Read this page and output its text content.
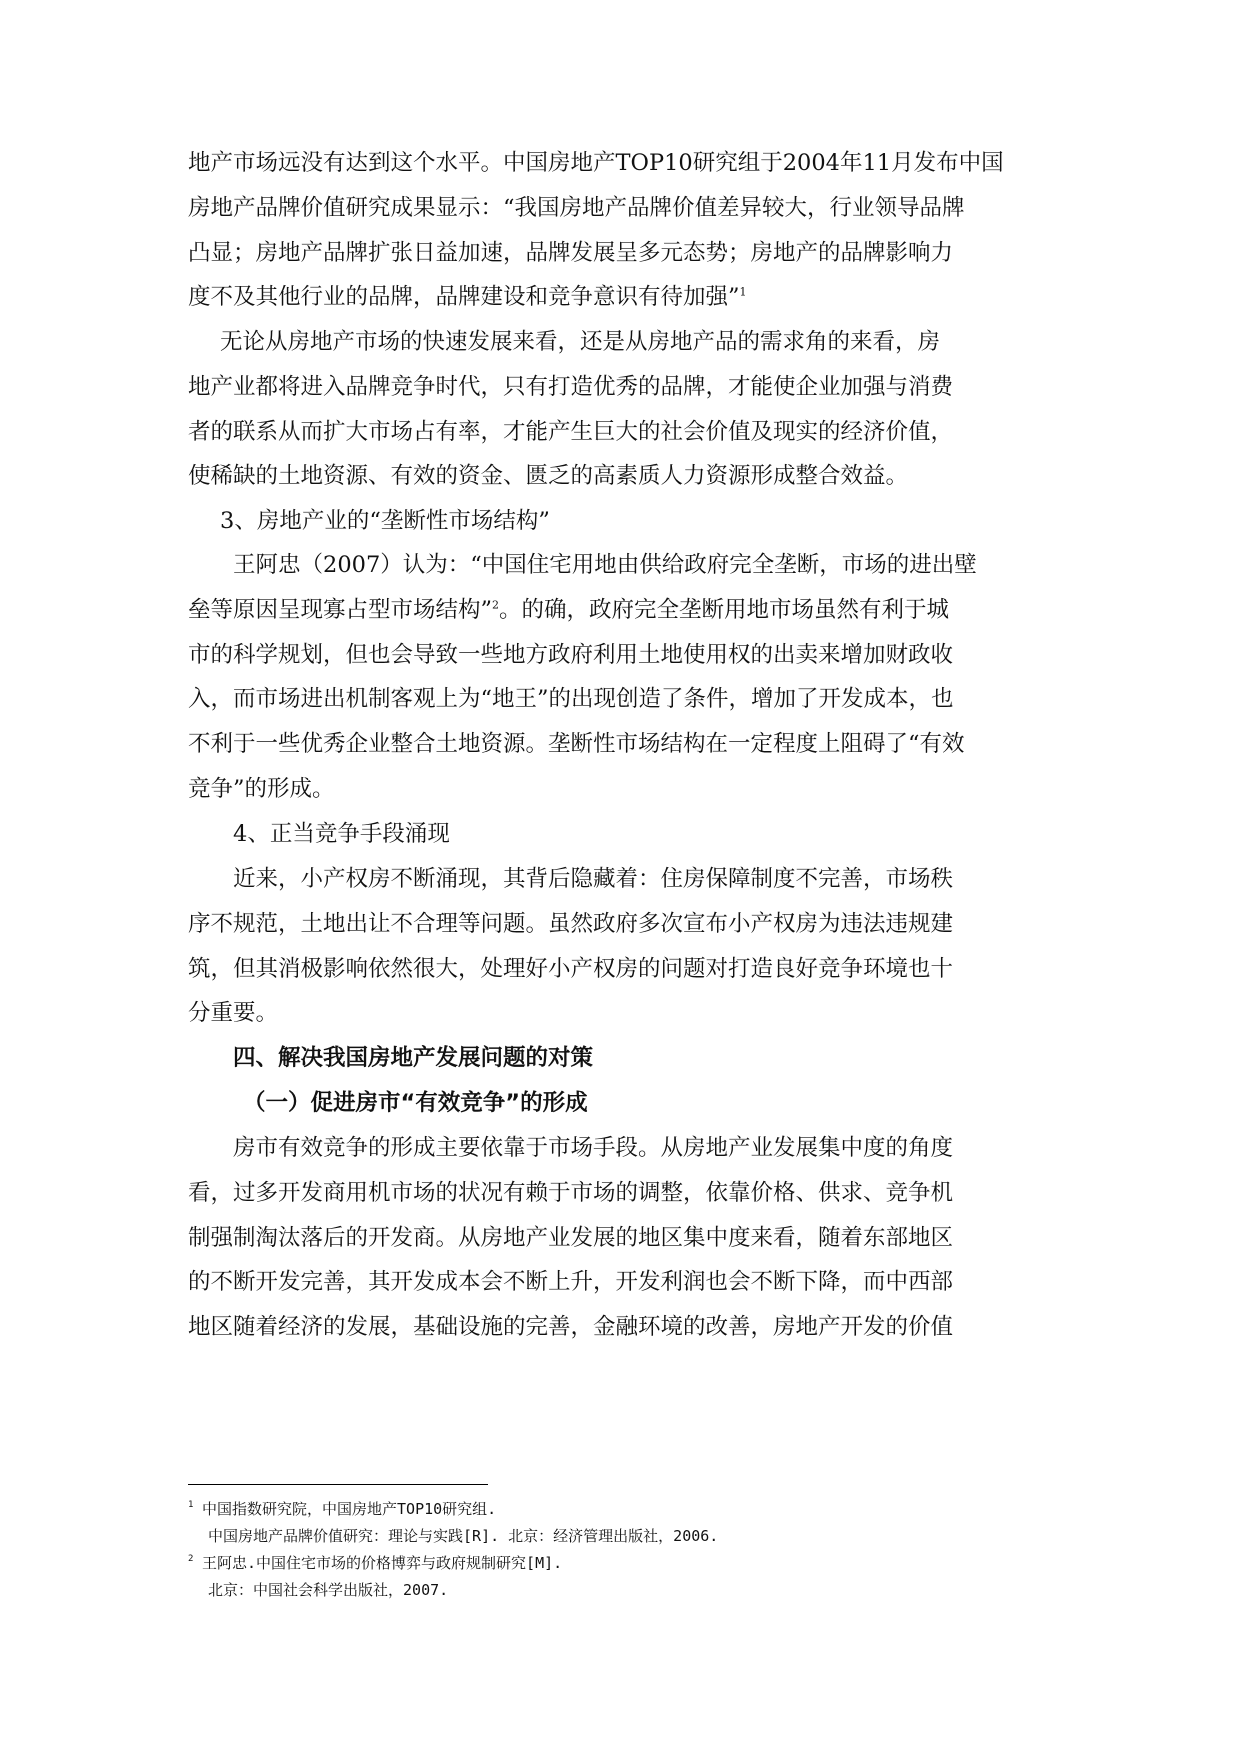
地产市场远没有达到这个水平。中国房地产TOP10研究组于2004年11月发布中国
房地产品牌价值研究成果显示：“我国房地产品牌价值差异较大，行业领导品牌
凸显；房地产品牌扩张日益加速，品牌发展呈多元态势；房地产的品牌影响力
度不及其他行业的品牌，品牌建设和竞争意识有待加强”$^1$
无论从房地产市场的快速发展来看，还是从房地产品的需求角的来看，房
地产业都将进入品牌竞争时代，只有打造优秀的品牌，才能使企业加强与消费
者的联系从而扩大市场占有率，才能产生巨大的社会价值及现实的经济价值，
使稀缺的土地资源、有效的资金、匮乏的高素质人力资源形成整合效益。
3、房地产业的“垄断性市场结构”
王阿忠（2007）认为：“中国住宅用地由供给政府完全垄断，市场的进出壁
垒等原因呈现寡占型市场结构”$^2$。的确，政府完全垄断用地市场虽然有利于城
市的科学规划，但也会导致一些地方政府利用土地使用权的出卖来增加财政收
入，而市场进出机制客观上为“地王”的出现创造了条件，增加了开发成本，也
不利于一些优秀企业整合土地资源。垄断性市场结构在一定程度上阻碍了“有效
竞争”的形成。
4、正当竞争手段涌现
近来，小产权房不断涌现，其背后隐藏着：住房保障制度不完善，市场秩
序不规范，土地出让不合理等问题。虽然政府多次宣布小产权房为违法违规建
筑，但其消极影响依然很大，处理好小产权房的问题对打造良好竞争环境也十
分重要。
四、解决我国房地产发展问题的对策
（一）促进房市“有效竞争”的形成
房市有效竞争的形成主要依靠于市场手段。从房地产业发展集中度的角度
看，过多开发商用机市场的状况有赖于市场的调整，依靠价格、供求、竞争机
制强制淘汰落后的开发商。从房地产业发展的地区集中度来看，随着东部地区
的不断开发完善，其开发成本会不断上升，开发利润也会不断下降，而中西部
地区随着经济的发展，基础设施的完善，金融环境的改善，房地产开发的价值
1 中国指数研究院，中国房地产TOP10研究组.
中国房地产品牌价值研究：理论与实践[R]. 北京：经济管理出版社，2006.
2 王阿忠.中国住宅市场的价格博弈与政府规制研究[M].
北京：中国社会科学出版社，2007.
